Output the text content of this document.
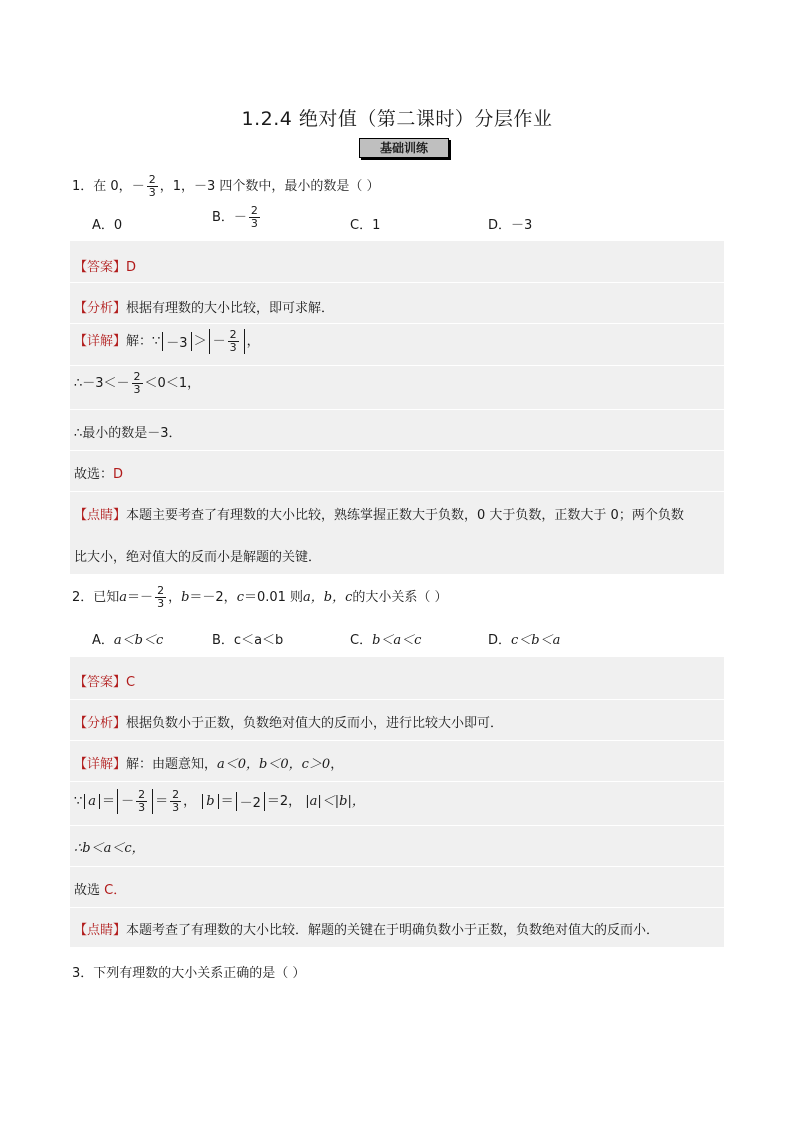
1.2.4 绝对值（第二课时）分层作业
基础训练
1．在 0，－ $\frac{2}{3}$ ，1，－3 四个数中，最小的数是（ ）
A．0
B．－ $\frac{2}{3}$	C．1	D．－3
【答案】D
【分析】根据有理数的大小比较，即可求解．
【详解】解：∵ －3 ＞ － $\frac{2}{3}$ ，
∴－3＜－ $\frac{2}{3} <0<1$，
∴最小的数是－3．
故选：D
【点睛】本题主要考查了有理数的大小比较，熟练掌握正数大于负数，0 大于负数，正数大于 0；两个负数
比大小，绝对值大的反而小是解题的关键．
2．已知$a=- \frac{2}{3}$ ，b＝－2，c＝0.01 则a，b，c的大小关系（ ）
A．a＜b＜c	B．c＜a＜b	C．b＜a＜c	D．c＜b＜a
【答案】C
【分析】根据负数小于正数，负数绝对值大的反而小，进行比较大小即可．
【详解】解：由题意知，a＜0，b＜0，c＞0，
∵ a ＝ － $\frac{2}{3} = \frac{2}{3}$ ， b ＝ －2 ＝2， |a|＜|b|，
∴b＜a＜c，
故选 C．
【点睛】本题考查了有理数的大小比较．解题的关键在于明确负数小于正数，负数绝对值大的反而小．
3．下列有理数的大小关系正确的是（ ）
